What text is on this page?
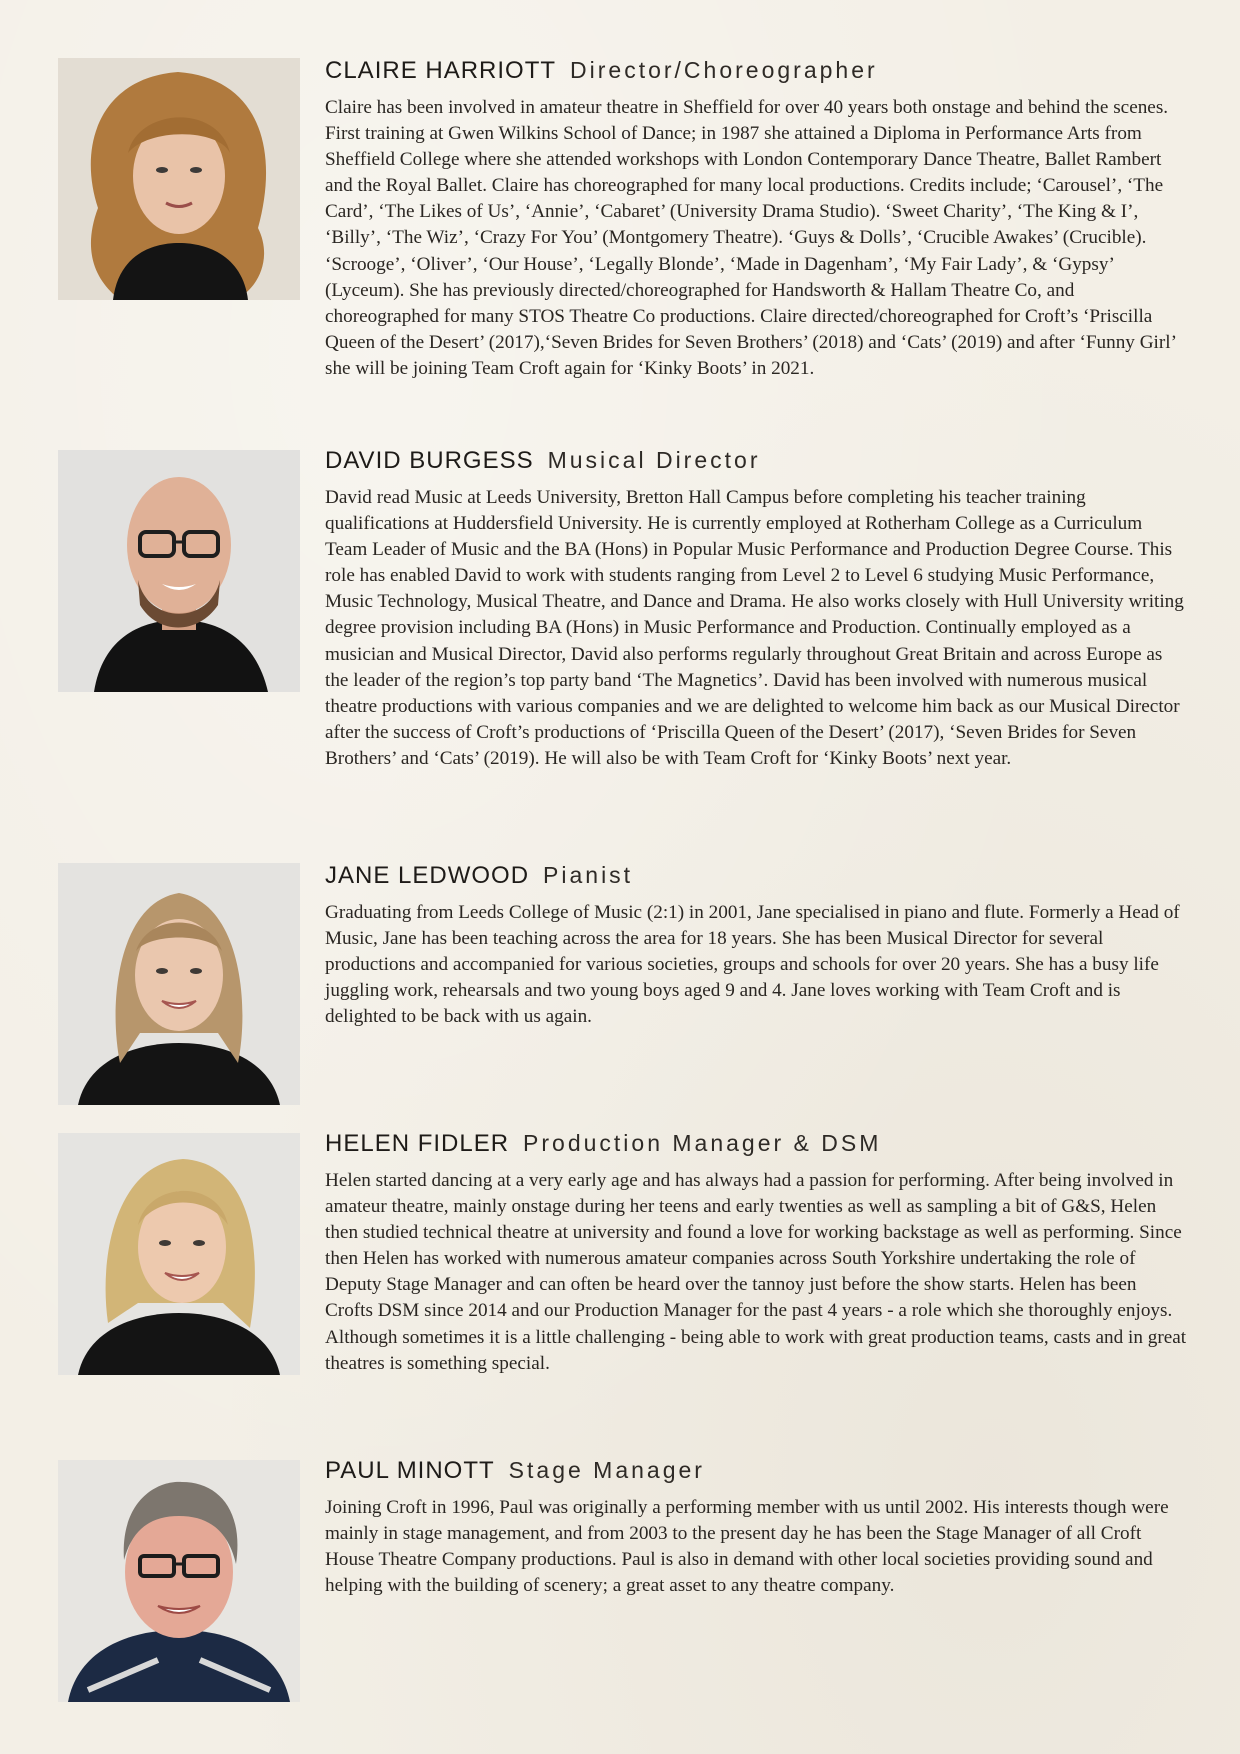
CLAIRE HARRIOTT Director/Choreographer

Claire has been involved in amateur theatre in Sheffield for over 40 years both onstage and behind the scenes. First training at Gwen Wilkins School of Dance; in 1987 she attained a Diploma in Performance Arts from Sheffield College where she attended workshops with London Contemporary Dance Theatre, Ballet Rambert and the Royal Ballet. Claire has choreographed for many local productions. Credits include; ‘Carousel’, ‘The Card’, ‘The Likes of Us’, ‘Annie’, ‘Cabaret’ (University Drama Studio). ‘Sweet Charity’, ‘The King & I’, ‘Billy’, ‘The Wiz’, ‘Crazy For You’ (Montgomery Theatre). ‘Guys & Dolls’, ‘Crucible Awakes’ (Crucible). ‘Scrooge’, ‘Oliver’, ‘Our House’, ‘Legally Blonde’, ‘Made in Dagenham’, ‘My Fair Lady’, & ‘Gypsy’ (Lyceum). She has previously directed/choreographed for Handsworth & Hallam Theatre Co, and choreographed for many STOS Theatre Co productions. Claire directed/choreographed for Croft’s ‘Priscilla Queen of the Desert’ (2017),‘Seven Brides for Seven Brothers’ (2018) and ‘Cats’ (2019) and after ‘Funny Girl’ she will be joining Team Croft again for ‘Kinky Boots’ in 2021.

DAVID BURGESS Musical Director

David read Music at Leeds University, Bretton Hall Campus before completing his teacher training qualifications at Huddersfield University. He is currently employed at Rotherham College as a Curriculum Team Leader of Music and the BA (Hons) in Popular Music Performance and Production Degree Course. This role has enabled David to work with students ranging from Level 2 to Level 6 studying Music Performance, Music Technology, Musical Theatre, and Dance and Drama. He also works closely with Hull University writing degree provision including BA (Hons) in Music Performance and Production. Continually employed as a musician and Musical Director, David also performs regularly throughout Great Britain and across Europe as the leader of the region’s top party band ‘The Magnetics’. David has been involved with numerous musical theatre productions with various companies and we are delighted to welcome him back as our Musical Director after the success of Croft’s productions of ‘Priscilla Queen of the Desert’ (2017), ‘Seven Brides for Seven Brothers’ and ‘Cats’ (2019). He will also be with Team Croft for ‘Kinky Boots’ next year.

JANE LEDWOOD Pianist

Graduating from Leeds College of Music (2:1) in 2001, Jane specialised in piano and flute. Formerly a Head of Music, Jane has been teaching across the area for 18 years. She has been Musical Director for several productions and accompanied for various societies, groups and schools for over 20 years. She has a busy life juggling work, rehearsals and two young boys aged 9 and 4. Jane loves working with Team Croft and is delighted to be back with us again.

HELEN FIDLER Production Manager & DSM

Helen started dancing at a very early age and has always had a passion for performing. After being involved in amateur theatre, mainly onstage during her teens and early twenties as well as sampling a bit of G&S, Helen then studied technical theatre at university and found a love for working backstage as well as performing. Since then Helen has worked with numerous amateur companies across South Yorkshire undertaking the role of Deputy Stage Manager and can often be heard over the tannoy just before the show starts. Helen has been Crofts DSM since 2014 and our Production Manager for the past 4 years - a role which she thoroughly enjoys. Although sometimes it is a little challenging - being able to work with great production teams, casts and in great theatres is something special.

PAUL MINOTT Stage Manager

Joining Croft in 1996, Paul was originally a performing member with us until 2002. His interests though were mainly in stage management, and from 2003 to the present day he has been the Stage Manager of all Croft House Theatre Company productions. Paul is also in demand with other local societies providing sound and helping with the building of scenery; a great asset to any theatre company.
